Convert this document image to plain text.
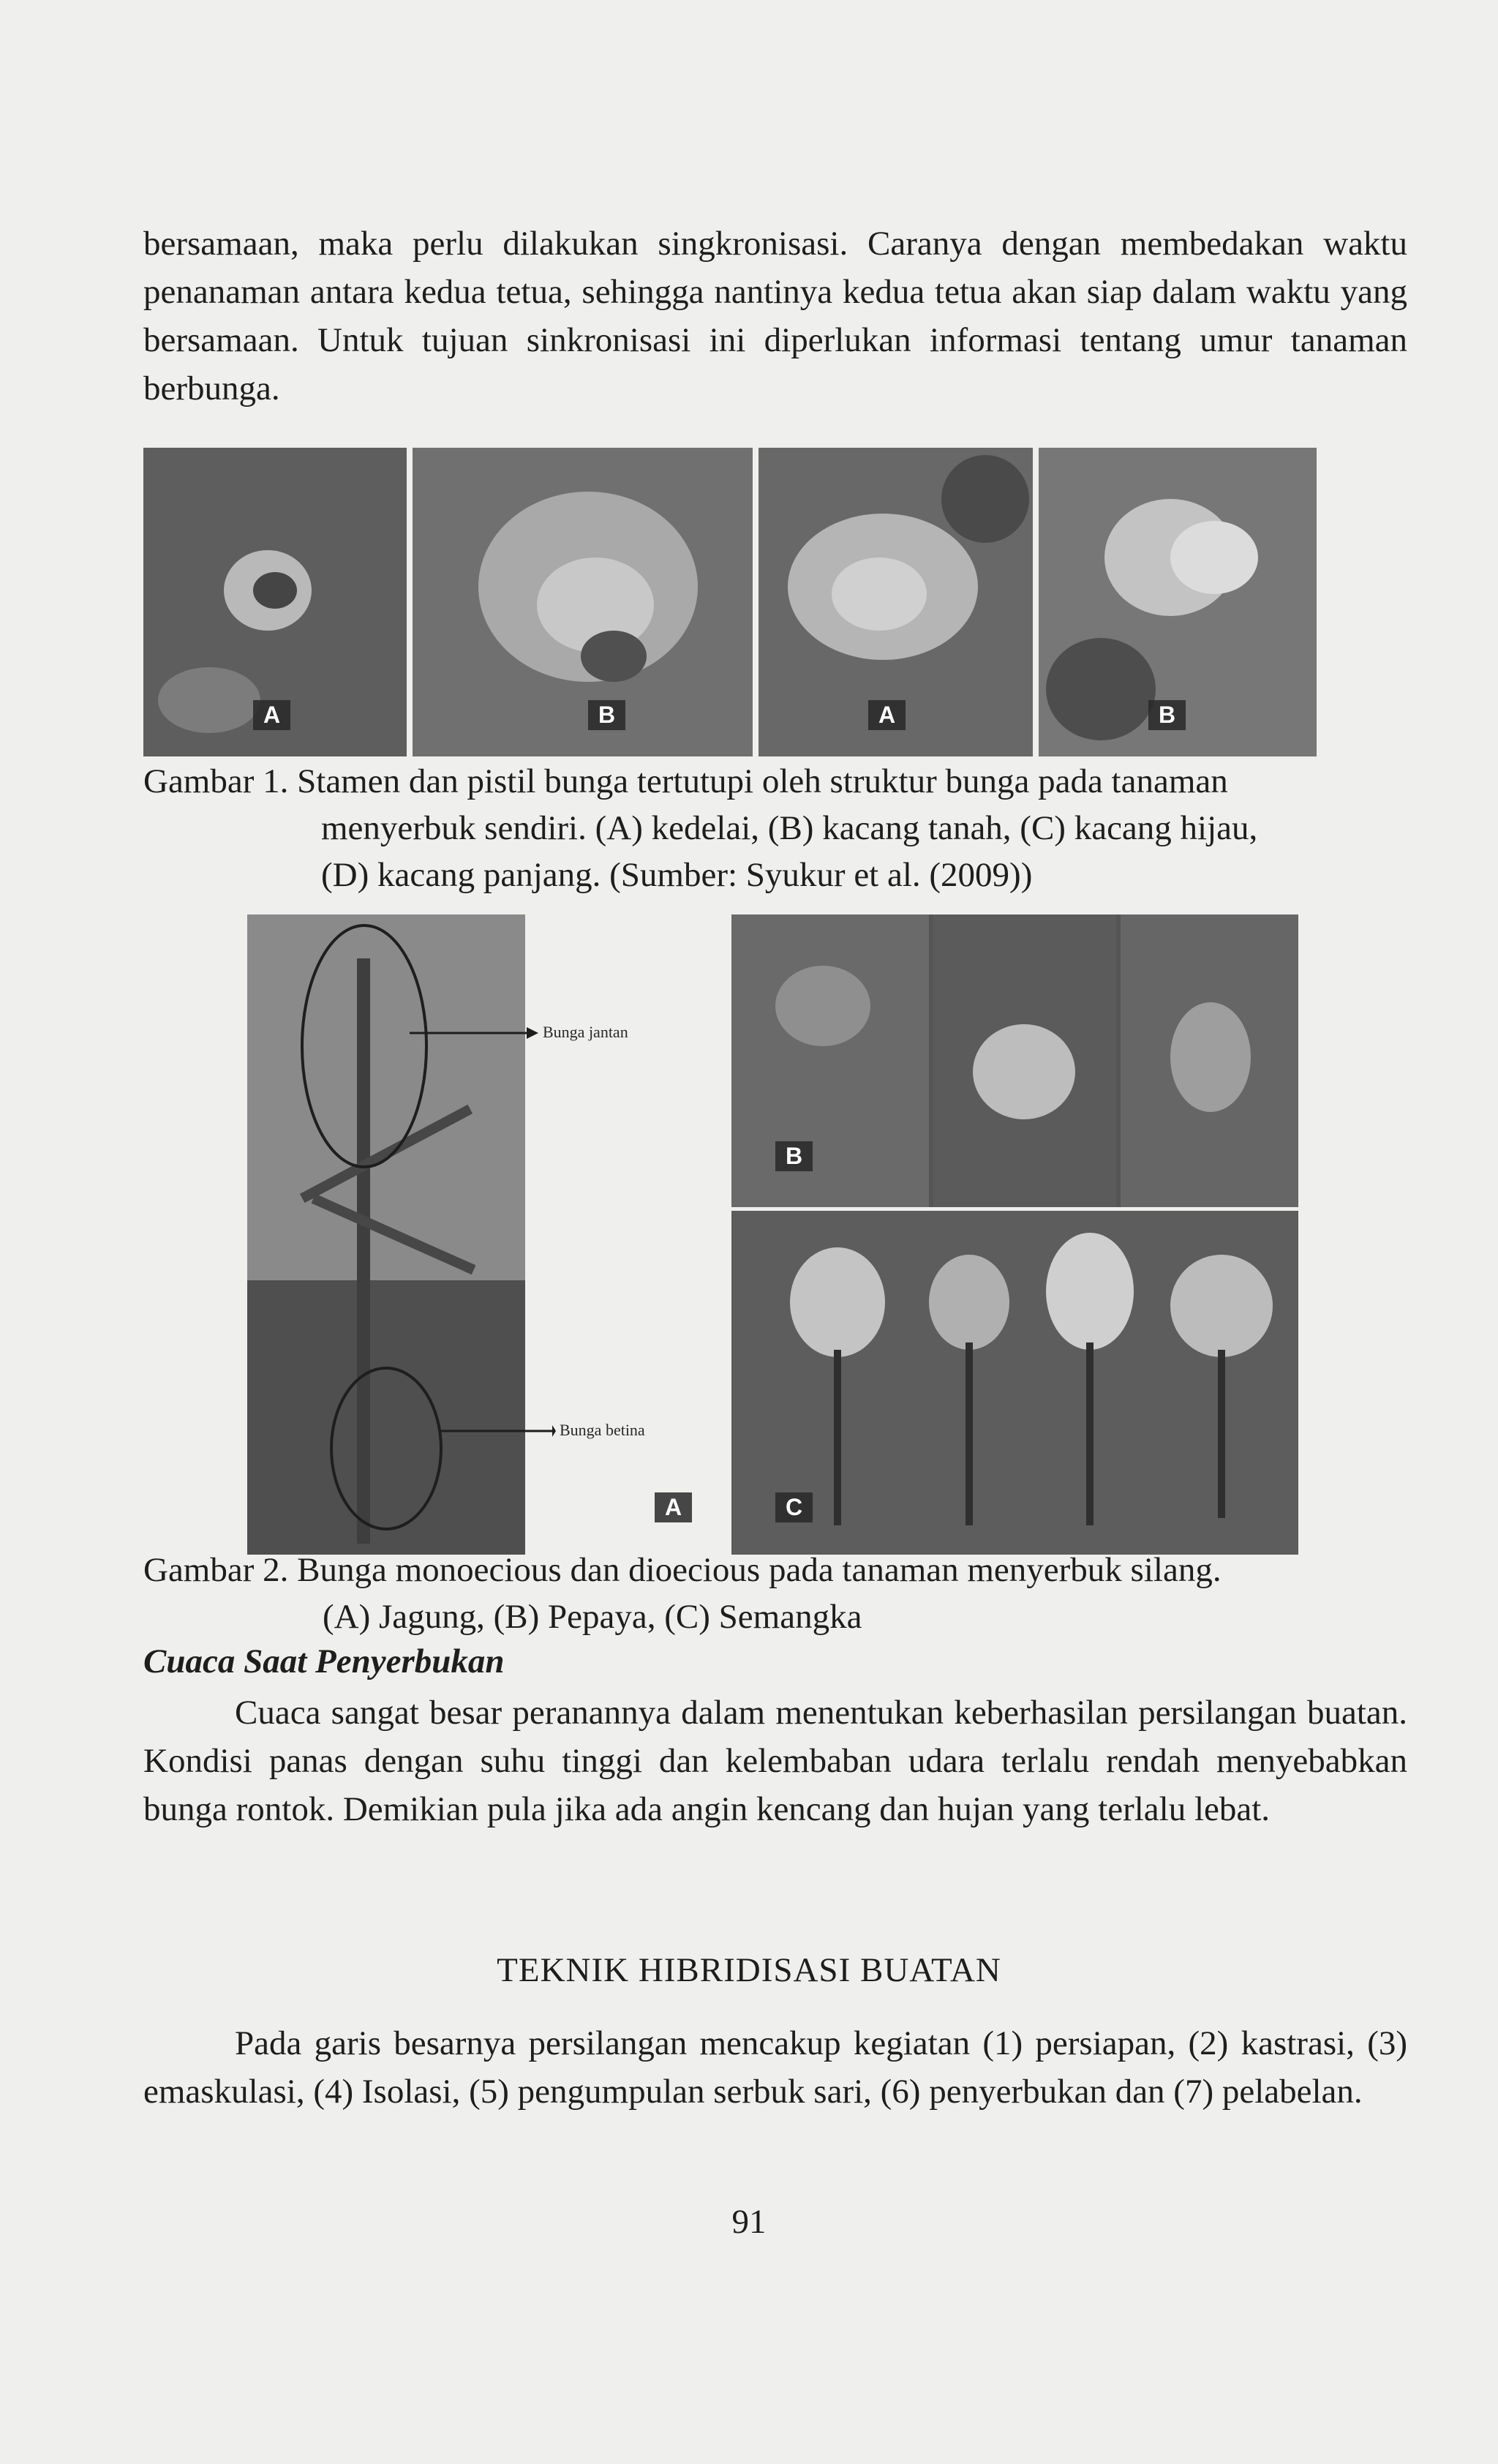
bersamaan, maka perlu dilakukan singkronisasi. Caranya dengan membedakan waktu penanaman antara kedua tetua, sehingga nantinya kedua tetua akan siap dalam waktu yang bersamaan. Untuk tujuan sinkronisasi ini diperlukan informasi tentang umur tanaman berbunga.

A	B	A	B
Gambar 1. Stamen dan pistil bunga tertutupi oleh struktur bunga pada tanaman
menyerbuk sendiri. (A) kedelai, (B) kacang tanah, (C) kacang hijau,
(D) kacang panjang. (Sumber: Syukur et al. (2009))
Bunga jantan
Bunga betina
A
B
C
Gambar 2. Bunga monoecious dan dioecious pada tanaman menyerbuk silang.
(A) Jagung, (B) Pepaya, (C) Semangka
Cuaca Saat Penyerbukan

Cuaca sangat besar peranannya dalam menentukan keberhasilan persilangan buatan. Kondisi panas dengan suhu tinggi dan kelembaban udara terlalu rendah menyebabkan bunga rontok. Demikian pula jika ada angin kencang dan hujan yang terlalu lebat.

TEKNIK HIBRIDISASI BUATAN

Pada garis besarnya persilangan mencakup kegiatan (1) persiapan, (2) kastrasi, (3) emaskulasi, (4) Isolasi, (5) pengumpulan serbuk sari, (6) penyerbukan dan (7) pelabelan.

91
